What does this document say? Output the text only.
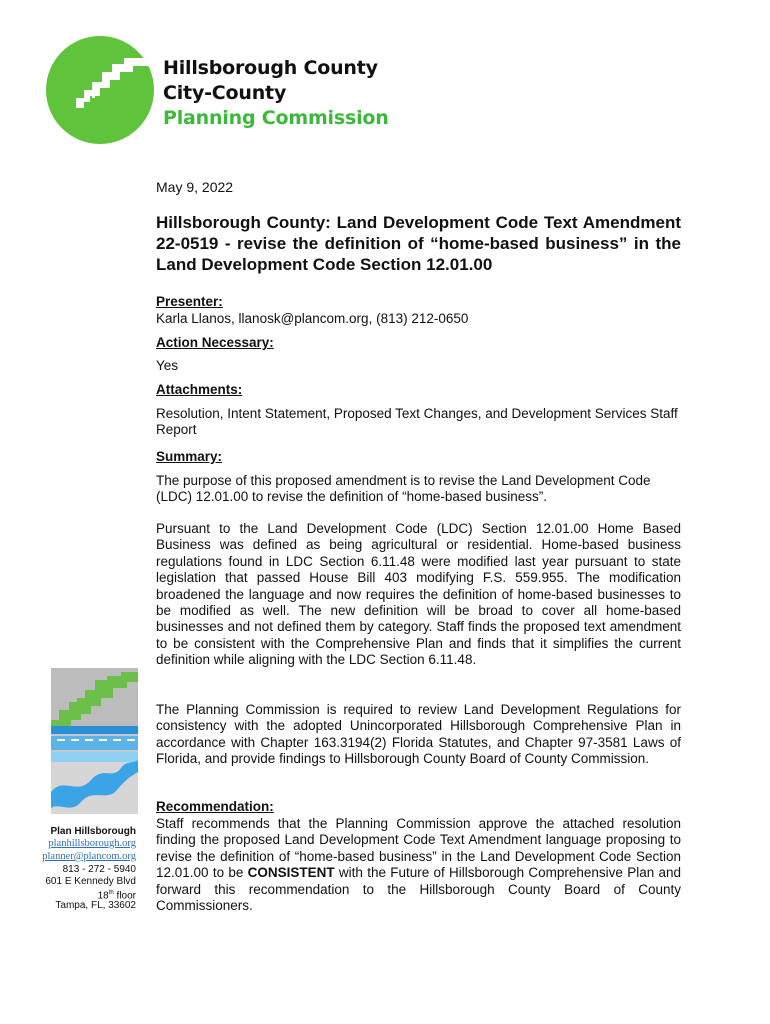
Hillsborough County
City-County
Planning Commission
May 9, 2022
Hillsborough County: Land Development Code Text Amendment 22-0519 - revise the definition of “home-based business” in the Land Development Code Section 12.01.00
Presenter:
Karla Llanos, llanosk@plancom.org, (813) 212-0650
Action Necessary:
Yes
Attachments:
Resolution, Intent Statement, Proposed Text Changes, and Development Services Staff Report
Summary:
The purpose of this proposed amendment is to revise the Land Development Code (LDC) 12.01.00 to revise the definition of “home-based business”.
Pursuant to the Land Development Code (LDC) Section 12.01.00 Home Based Business was defined as being agricultural or residential. Home-based business regulations found in LDC Section 6.11.48 were modified last year pursuant to state legislation that passed House Bill 403 modifying F.S. 559.955. The modification broadened the language and now requires the definition of home-based businesses to be modified as well. The new definition will be broad to cover all home-based businesses and not defined them by category. Staff finds the proposed text amendment to be consistent with the Comprehensive Plan and finds that it simplifies the current definition while aligning with the LDC Section 6.11.48.
The Planning Commission is required to review Land Development Regulations for consistency with the adopted Unincorporated Hillsborough Comprehensive Plan in accordance with Chapter 163.3194(2) Florida Statutes, and Chapter 97-3581 Laws of Florida, and provide findings to Hillsborough County Board of County Commission.
Recommendation:
Staff recommends that the Planning Commission approve the attached resolution finding the proposed Land Development Code Text Amendment language proposing to revise the definition of “home-based business” in the Land Development Code Section 12.01.00 to be CONSISTENT with the Future of Hillsborough Comprehensive Plan and forward this recommendation to the Hillsborough County Board of County Commissioners.
Plan Hillsborough
planhillsborough.org
planner@plancom.org
813 - 272 - 5940
601 E Kennedy Blvd
18th floor
Tampa, FL, 33602
